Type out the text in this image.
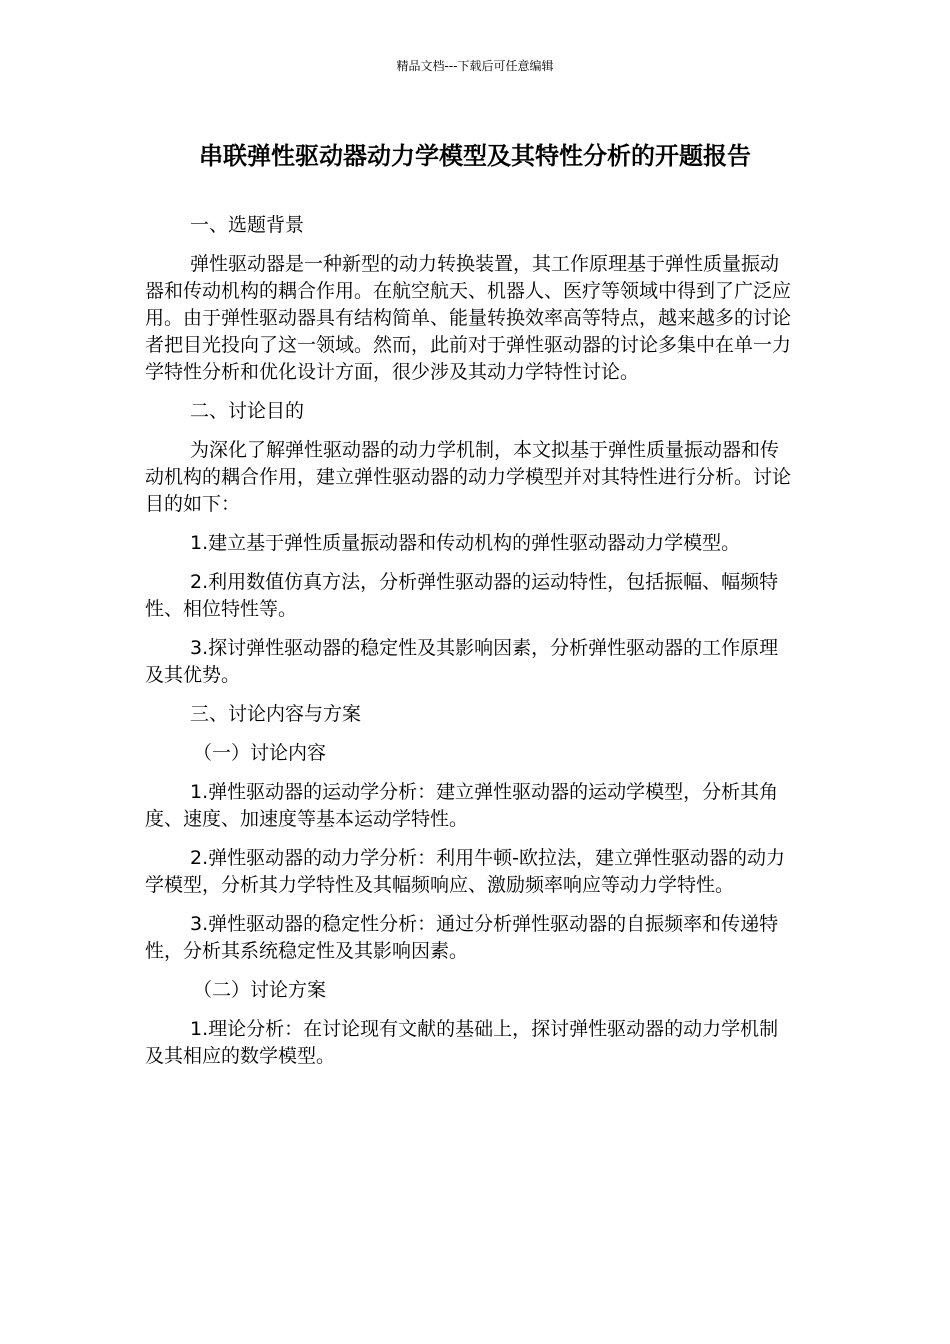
精品文档---下载后可任意编辑
串联弹性驱动器动力学模型及其特性分析的开题报告

一、选题背景

弹性驱动器是一种新型的动力转换装置，其工作原理基于弹性质量振动器和传动机构的耦合作用。在航空航天、机器人、医疗等领域中得到了广泛应用。由于弹性驱动器具有结构简单、能量转换效率高等特点，越来越多的讨论者把目光投向了这一领域。然而，此前对于弹性驱动器的讨论多集中在单一力学特性分析和优化设计方面，很少涉及其动力学特性讨论。

二、讨论目的

为深化了解弹性驱动器的动力学机制，本文拟基于弹性质量振动器和传动机构的耦合作用，建立弹性驱动器的动力学模型并对其特性进行分析。讨论目的如下：

1.建立基于弹性质量振动器和传动机构的弹性驱动器动力学模型。

2.利用数值仿真方法，分析弹性驱动器的运动特性，包括振幅、幅频特性、相位特性等。

3.探讨弹性驱动器的稳定性及其影响因素，分析弹性驱动器的工作原理及其优势。

三、讨论内容与方案

（一）讨论内容

1.弹性驱动器的运动学分析：建立弹性驱动器的运动学模型，分析其角度、速度、加速度等基本运动学特性。

2.弹性驱动器的动力学分析：利用牛顿-欧拉法，建立弹性驱动器的动力学模型，分析其力学特性及其幅频响应、激励频率响应等动力学特性。

3.弹性驱动器的稳定性分析：通过分析弹性驱动器的自振频率和传递特性，分析其系统稳定性及其影响因素。

（二）讨论方案

1.理论分析：在讨论现有文献的基础上，探讨弹性驱动器的动力学机制及其相应的数学模型。
